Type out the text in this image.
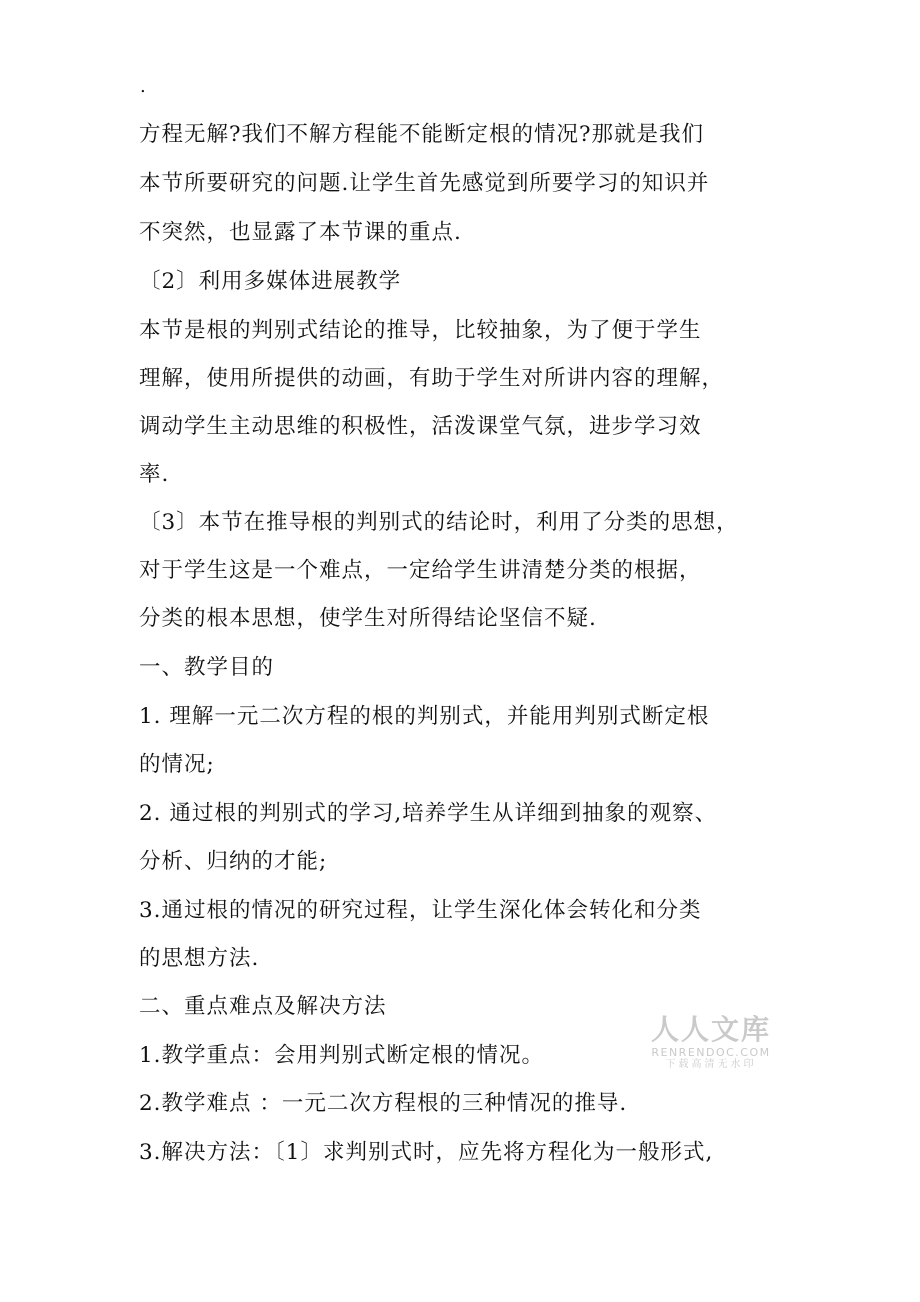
.
方程无解?我们不解方程能不能断定根的情况?那就是我们
本节所要研究的问题.让学生首先感觉到所要学习的知识并
不突然，也显露了本节课的重点.
〔2〕利用多媒体进展教学
本节是根的判别式结论的推导，比较抽象，为了便于学生
理解，使用所提供的动画，有助于学生对所讲内容的理解，
调动学生主动思维的积极性，活泼课堂气氛，进步学习效
率.
〔3〕本节在推导根的判别式的结论时，利用了分类的思想，
对于学生这是一个难点，一定给学生讲清楚分类的根据，
分类的根本思想，使学生对所得结论坚信不疑.
一、教学目的
1. 理解一元二次方程的根的判别式，并能用判别式断定根
的情况;
2. 通过根的判别式的学习,培养学生从详细到抽象的观察、
分析、归纳的才能;
3.通过根的情况的研究过程，让学生深化体会转化和分类
的思想方法.
二、重点难点及解决方法
1.教学重点：会用判别式断定根的情况。
2.教学难点 ：一元二次方程根的三种情况的推导.
3.解决方法：〔1〕求判别式时，应先将方程化为一般形式,
人人文库
RENRENDOC.COM
下载高清无水印
